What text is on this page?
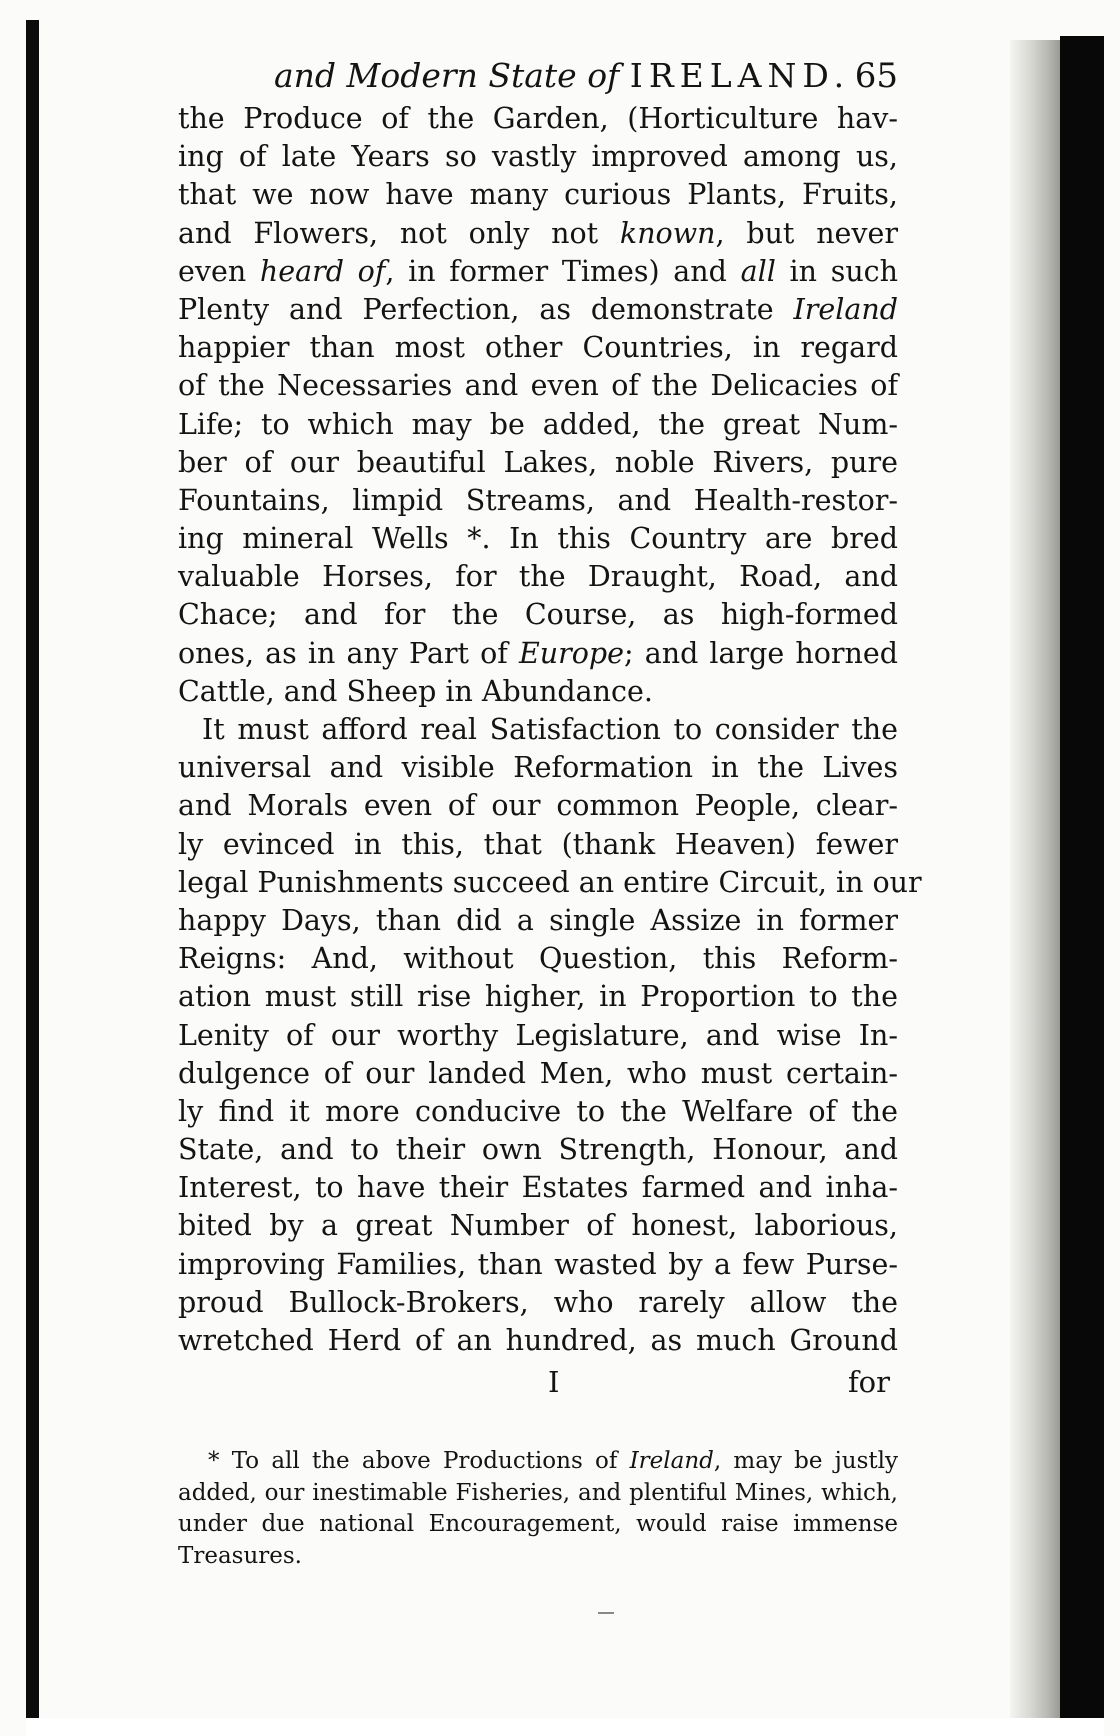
and Modern State of IRELAND. 65
the Produce of the Garden, (Horticulture hav-
ing of late Years so vastly improved among us,
that we now have many curious Plants, Fruits,
and Flowers, not only not known, but never
even heard of, in former Times) and all in such
Plenty and Perfection, as demonstrate Ireland
happier than most other Countries, in regard
of the Necessaries and even of the Delicacies of
Life; to which may be added, the great Num-
ber of our beautiful Lakes, noble Rivers, pure
Fountains, limpid Streams, and Health-restor-
ing mineral Wells *. In this Country are bred
valuable Horses, for the Draught, Road, and
Chace; and for the Course, as high-formed
ones, as in any Part of Europe; and large horned
Cattle, and Sheep in Abundance.
It must afford real Satisfaction to consider the
universal and visible Reformation in the Lives
and Morals even of our common People, clear-
ly evinced in this, that (thank Heaven) fewer
legal Punishments succeed an entire Circuit, in our
happy Days, than did a single Assize in former
Reigns: And, without Question, this Reform-
ation must still rise higher, in Proportion to the
Lenity of our worthy Legislature, and wise In-
dulgence of our landed Men, who must certain-
ly find it more conducive to the Welfare of the
State, and to their own Strength, Honour, and
Interest, to have their Estates farmed and inha-
bited by a great Number of honest, laborious,
improving Families, than wasted by a few Purse-
proud Bullock-Brokers, who rarely allow the
wretched Herd of an hundred, as much Ground
I	for
* To all the above Productions of Ireland, may be justly
added, our inestimable Fisheries, and plentiful Mines, which,
under due national Encouragement, would raise immense
Treasures.
